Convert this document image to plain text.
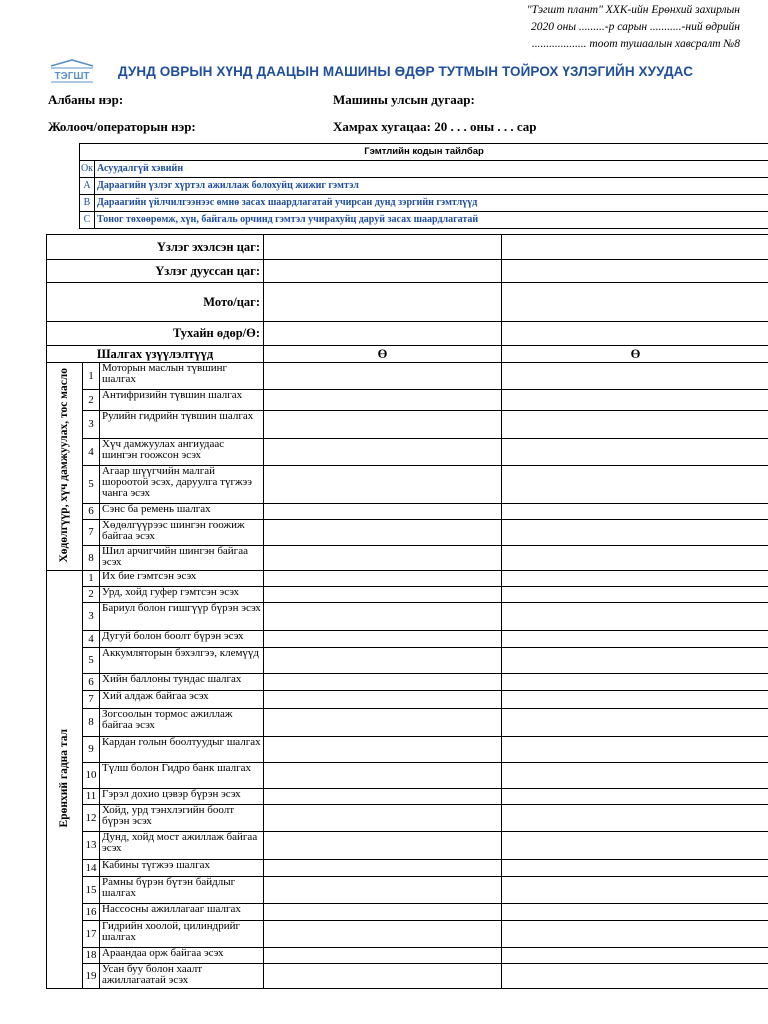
"Тэгшт плант" ХХК-ийн Ерөнхий захирлын
2020 оны .........-р сарын ...........-ний өдрийн
................... тоот тушаалын хавсралт №8
ТЭГШТ ДУНД ОВРЫН ХҮНД ДААЦЫН МАШИНЫ ӨДӨР ТУТМЫН ТОЙРОХ ҮЗЛЭГИЙН ХУУДАС
Албаны нэр:	Машины улсын дугаар:
Жолооч/операторын нэр:	Хамрах хугацаа: 20 . . . оны . . . сар
Гэмтлийн кодын тайлбар	
Ок	Асуудалгүй хэвийн
A	Дараагийн үзлэг хүртэл ажиллаж болохуйц жижиг гэмтэл
B	Дараагийн үйлчилгээнээс өмнө засах шаардлагатай учирсан дунд зэргийн гэмтлүүд
C	Тоног төхөөрөмж, хүн, байгаль орчинд гэмтэл учирахуйц даруй засах шаардлагатай
Үзлэг эхэлсэн цаг:				
Үзлэг дууссан цаг:				
Мото/цаг:				
Тухайн өдөр/Ө:				
Шалгах үзүүлэлтүүд			Ө	Ө
Хөдөлгүүр, хүч дамжуулах, тос масло	1	Моторын маслын түвшинг шалгах		
	2	Антифризийн түвшин шалгах		
	3	Рулийн гидрийн түвшин шалгах		
	4	Хүч дамжуулах ангиудаас шингэн гоожсон эсэх		
	5	Агаар шүүгчийн малгай шороотой эсэх, даруулга түгжээ чанга эсэх		
	6	Сэнс ба ремень шалгах		
	7	Хөдөлгүүрээс шингэн гоожиж байгаа эсэх		
	8	Шил арчигчийн шингэн байгаа эсэх		
Ерөнхий гадна тал	1	Их бие гэмтсэн эсэх		
	2	Урд, хойд гуфер гэмтсэн эсэх		
	3	Бариул болон гишгүүр бүрэн эсэх		
	4	Дугуй болон боолт бүрэн эсэх		
	5	Аккумляторын бэхэлгээ, клемүүд		
	6	Хийн баллоны тундас шалгах		
	7	Хий алдаж байгаа эсэх		
	8	Зогсоолын тормос ажиллаж байгаа эсэх		
	9	Кардан голын боолтуудыг шалгах		
	10	Түлш болон Гидро банк шалгах		
	11	Гэрэл дохио цэвэр бүрэн эсэх		
	12	Хойд, урд тэнхлэгийн боолт бүрэн эсэх		
	13	Дунд, хойд мост ажиллаж байгаа эсэх		
	14	Кабины түгжээ шалгах		
	15	Рамны бүрэн бүтэн байдлыг шалгах		
	16	Нассосны ажиллагааг шалгах		
	17	Гидрийн хоолой, цилиндрийг шалгах		
	18	Араандаа орж байгаа эсэх		
	19	Усан буу болон хаалт ажиллагаатай эсэх		
